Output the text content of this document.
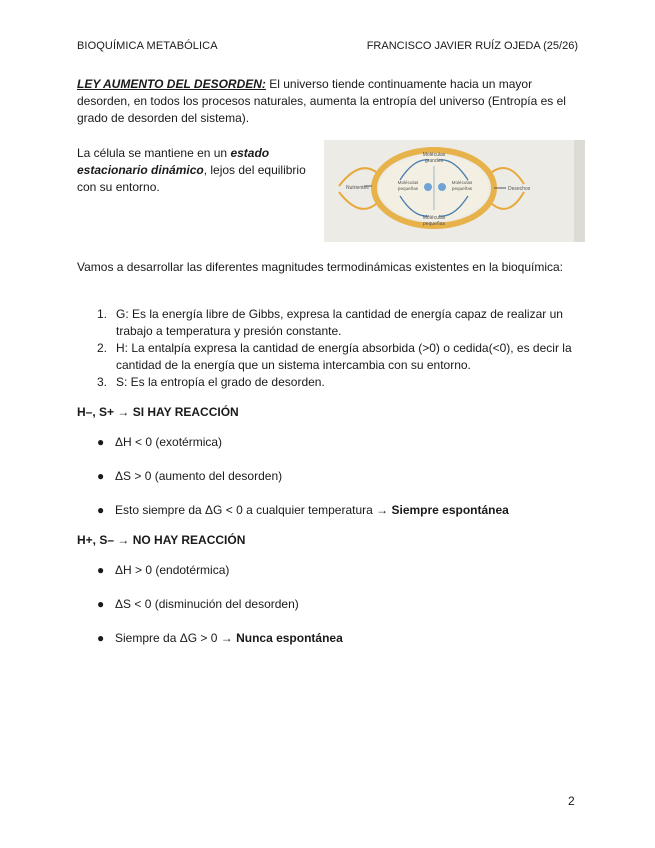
BIOQUÍMICA METABÓLICA	FRANCISCO JAVIER RUÍZ OJEDA (25/26)

LEY AUMENTO DEL DESORDEN: El universo tiende continuamente hacia un mayor desorden, en todos los procesos naturales, aumenta la entropía del universo (Entropía es el grado de desorden del sistema).

La célula se mantiene en un estado estacionario dinámico, lejos del equilibrio con su entorno.

Moléculas
grandes
Nutrientes
Moléculas
pequeñas
Moléculas
pequeñas
Moléculas
pequeñas
Desechos

Vamos a desarrollar las diferentes magnitudes termodinámicas existentes en la bioquímica:

1. G: Es la energía libre de Gibbs, expresa la cantidad de energía capaz de realizar un trabajo a temperatura y presión constante.
2. H: La entalpía expresa la cantidad de energía absorbida (>0) o cedida(<0), es decir la cantidad de la energía que un sistema intercambia con su entorno.
3. S: Es la entropía el grado de desorden.
H–, S+ → SI HAY REACCIÓN
● ΔH < 0 (exotérmica)
● ΔS > 0 (aumento del desorden)
● Esto siempre da ΔG < 0 a cualquier temperatura → Siempre espontánea
H+, S– → NO HAY REACCIÓN
● ΔH > 0 (endotérmica)
● ΔS < 0 (disminución del desorden)
● Siempre da ΔG > 0 → Nunca espontánea
2
